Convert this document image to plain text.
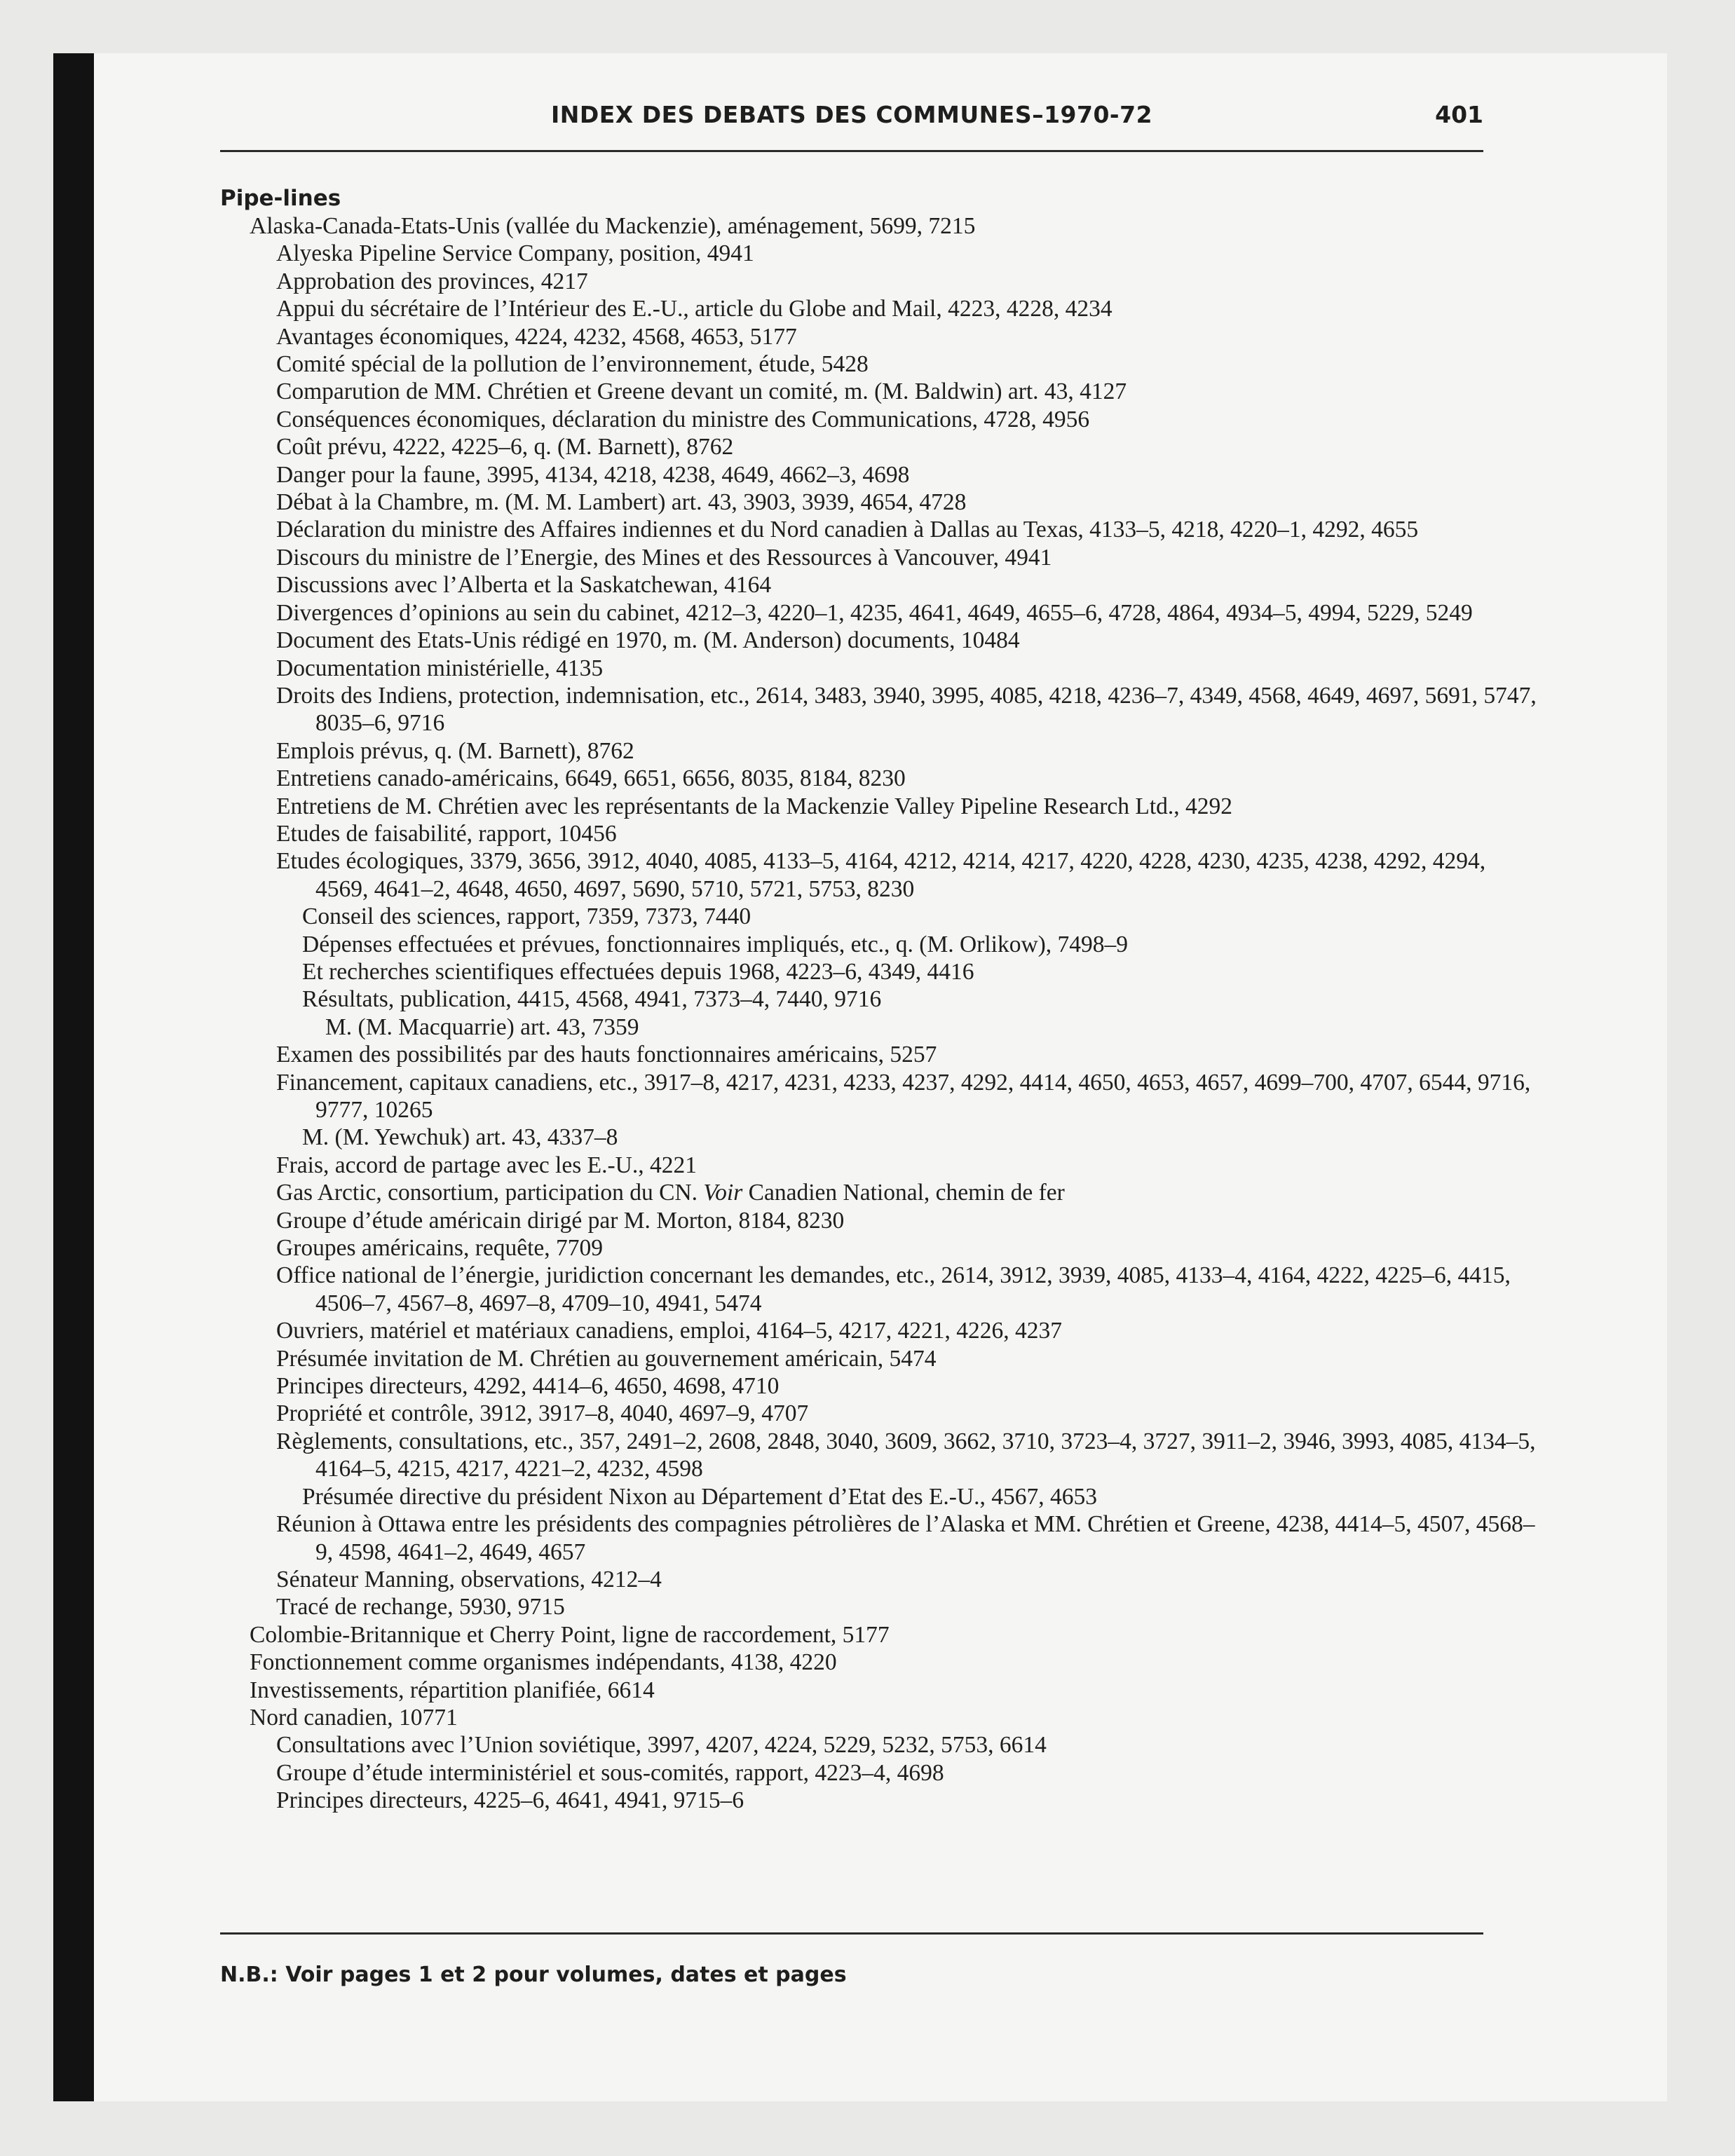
INDEX DES DEBATS DES COMMUNES–1970-72	401
Pipe-lines
Alaska-Canada-Etats-Unis (vallée du Mackenzie), aménagement, 5699, 7215
Alyeska Pipeline Service Company, position, 4941
Approbation des provinces, 4217
Appui du sécrétaire de l’Intérieur des E.-U., article du Globe and Mail, 4223, 4228, 4234
Avantages économiques, 4224, 4232, 4568, 4653, 5177
Comité spécial de la pollution de l’environnement, étude, 5428
Comparution de MM. Chrétien et Greene devant un comité, m. (M. Baldwin) art. 43, 4127
Conséquences économiques, déclaration du ministre des Communications, 4728, 4956
Coût prévu, 4222, 4225–6, q. (M. Barnett), 8762
Danger pour la faune, 3995, 4134, 4218, 4238, 4649, 4662–3, 4698
Débat à la Chambre, m. (M. M. Lambert) art. 43, 3903, 3939, 4654, 4728
Déclaration du ministre des Affaires indiennes et du Nord canadien à Dallas au Texas, 4133–5, 4218, 4220–1, 4292, 4655
Discours du ministre de l’Energie, des Mines et des Ressources à Vancouver, 4941
Discussions avec l’Alberta et la Saskatchewan, 4164
Divergences d’opinions au sein du cabinet, 4212–3, 4220–1, 4235, 4641, 4649, 4655–6, 4728, 4864, 4934–5, 4994, 5229, 5249
Document des Etats-Unis rédigé en 1970, m. (M. Anderson) documents, 10484
Documentation ministérielle, 4135
Droits des Indiens, protection, indemnisation, etc., 2614, 3483, 3940, 3995, 4085, 4218, 4236–7, 4349, 4568, 4649, 4697, 5691, 5747, 8035–6, 9716
Emplois prévus, q. (M. Barnett), 8762
Entretiens canado-américains, 6649, 6651, 6656, 8035, 8184, 8230
Entretiens de M. Chrétien avec les représentants de la Mackenzie Valley Pipeline Research Ltd., 4292
Etudes de faisabilité, rapport, 10456
Etudes écologiques, 3379, 3656, 3912, 4040, 4085, 4133–5, 4164, 4212, 4214, 4217, 4220, 4228, 4230, 4235, 4238, 4292, 4294, 4569, 4641–2, 4648, 4650, 4697, 5690, 5710, 5721, 5753, 8230
Conseil des sciences, rapport, 7359, 7373, 7440
Dépenses effectuées et prévues, fonctionnaires impliqués, etc., q. (M. Orlikow), 7498–9
Et recherches scientifiques effectuées depuis 1968, 4223–6, 4349, 4416
Résultats, publication, 4415, 4568, 4941, 7373–4, 7440, 9716
M. (M. Macquarrie) art. 43, 7359
Examen des possibilités par des hauts fonctionnaires américains, 5257
Financement, capitaux canadiens, etc., 3917–8, 4217, 4231, 4233, 4237, 4292, 4414, 4650, 4653, 4657, 4699–700, 4707, 6544, 9716, 9777, 10265
M. (M. Yewchuk) art. 43, 4337–8
Frais, accord de partage avec les E.-U., 4221
Gas Arctic, consortium, participation du CN. Voir Canadien National, chemin de fer
Groupe d’étude américain dirigé par M. Morton, 8184, 8230
Groupes américains, requête, 7709
Office national de l’énergie, juridiction concernant les demandes, etc., 2614, 3912, 3939, 4085, 4133–4, 4164, 4222, 4225–6, 4415, 4506–7, 4567–8, 4697–8, 4709–10, 4941, 5474
Ouvriers, matériel et matériaux canadiens, emploi, 4164–5, 4217, 4221, 4226, 4237
Présumée invitation de M. Chrétien au gouvernement américain, 5474
Principes directeurs, 4292, 4414–6, 4650, 4698, 4710
Propriété et contrôle, 3912, 3917–8, 4040, 4697–9, 4707
Règlements, consultations, etc., 357, 2491–2, 2608, 2848, 3040, 3609, 3662, 3710, 3723–4, 3727, 3911–2, 3946, 3993, 4085, 4134–5, 4164–5, 4215, 4217, 4221–2, 4232, 4598
Présumée directive du président Nixon au Département d’Etat des E.-U., 4567, 4653
Réunion à Ottawa entre les présidents des compagnies pétrolières de l’Alaska et MM. Chrétien et Greene, 4238, 4414–5, 4507, 4568–9, 4598, 4641–2, 4649, 4657
Sénateur Manning, observations, 4212–4
Tracé de rechange, 5930, 9715
Colombie-Britannique et Cherry Point, ligne de raccordement, 5177
Fonctionnement comme organismes indépendants, 4138, 4220
Investissements, répartition planifiée, 6614
Nord canadien, 10771
Consultations avec l’Union soviétique, 3997, 4207, 4224, 5229, 5232, 5753, 6614
Groupe d’étude interministériel et sous-comités, rapport, 4223–4, 4698
Principes directeurs, 4225–6, 4641, 4941, 9715–6
N.B.: Voir pages 1 et 2 pour volumes, dates et pages
